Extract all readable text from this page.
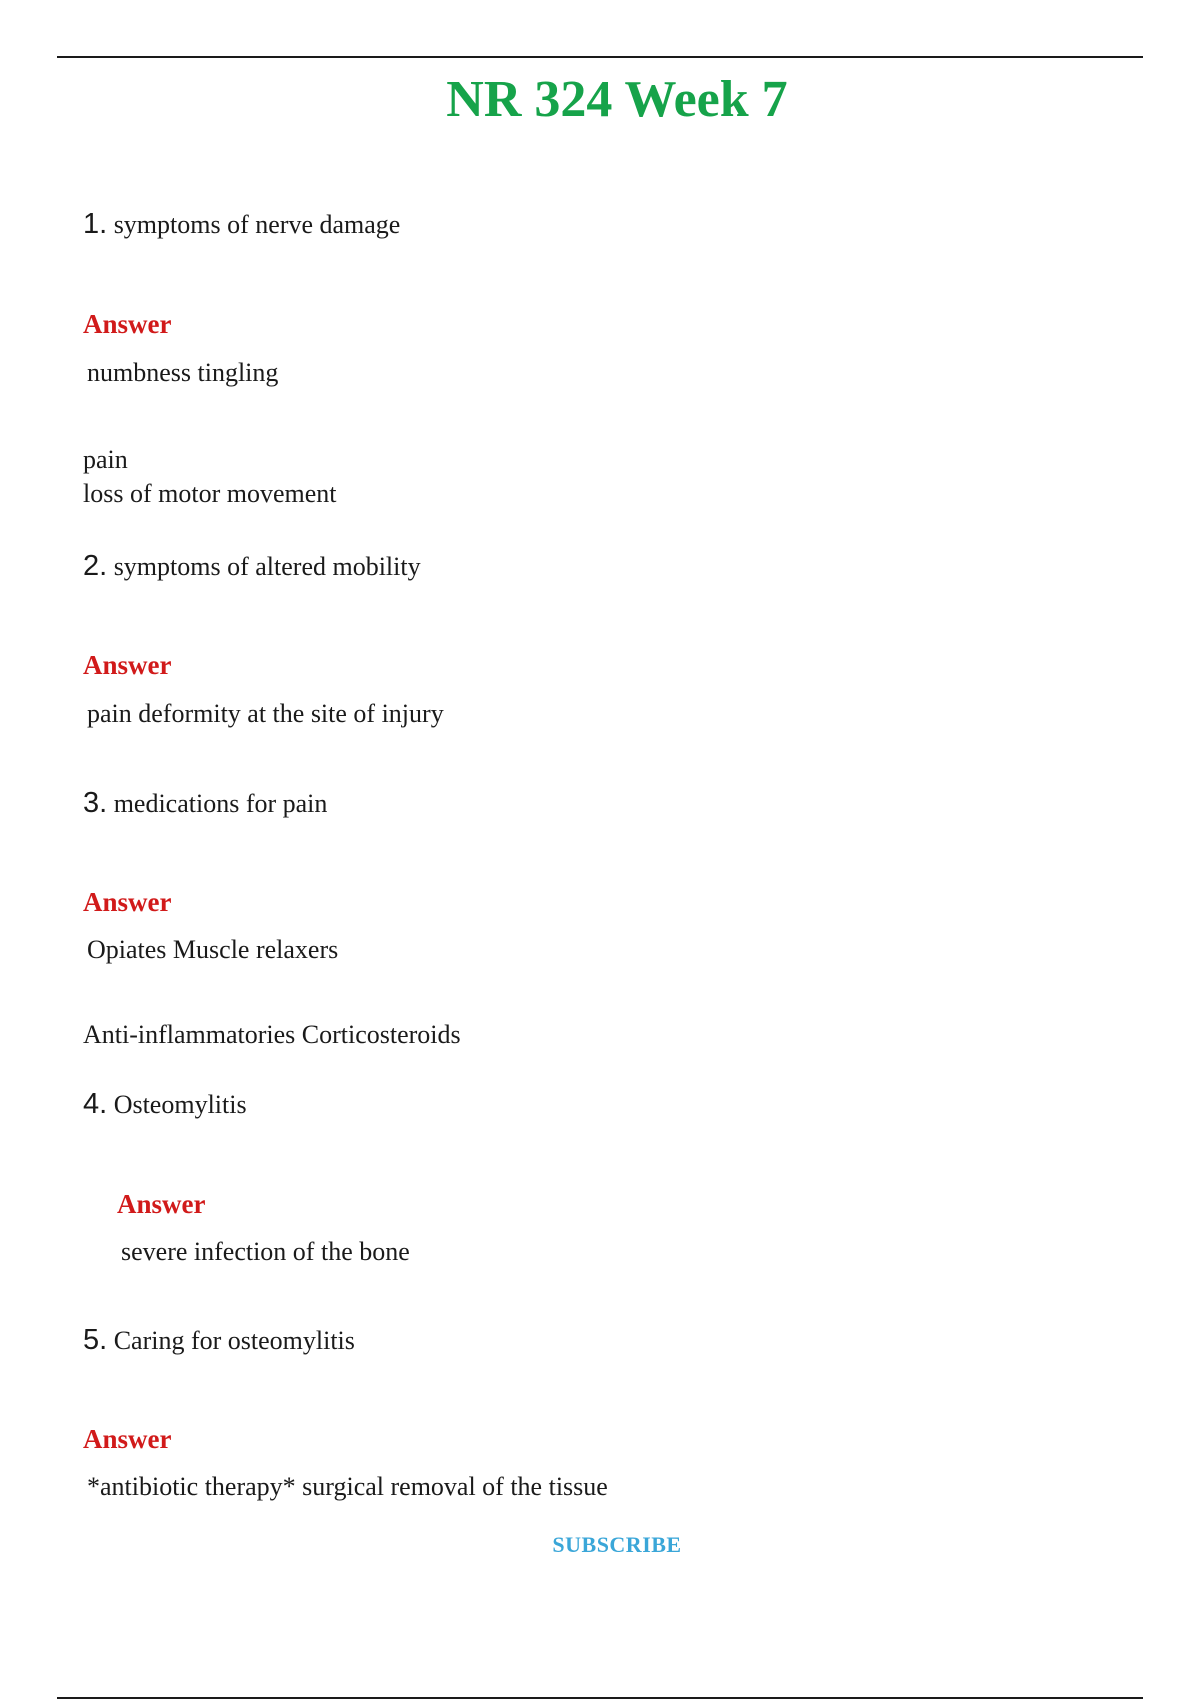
NR 324 Week 7
1. symptoms of nerve damage
Answer
numbness tingling
pain
loss of motor movement
2. symptoms of altered mobility
Answer
pain deformity at the site of injury
3. medications for pain
Answer
Opiates Muscle relaxers
Anti-inflammatories Corticosteroids
4. Osteomylitis
Answer
severe infection of the bone
5. Caring for osteomylitis
Answer
*antibiotic therapy* surgical removal of the tissue
SUBSCRIBE
